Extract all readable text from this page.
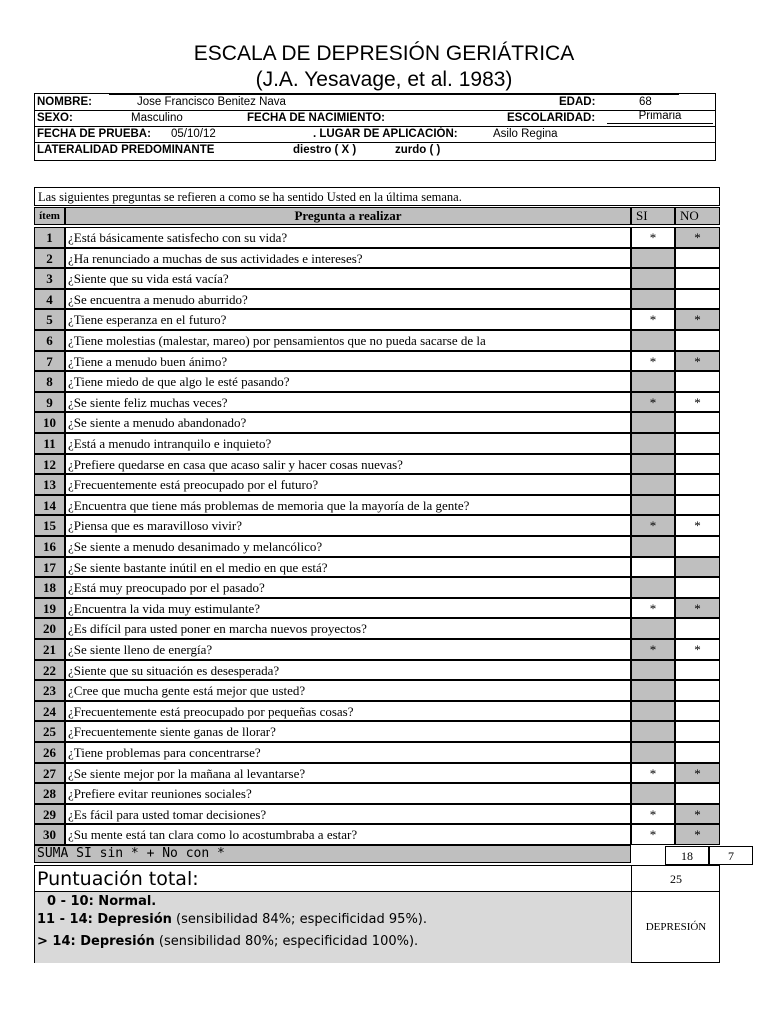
ESCALA DE DEPRESIÓN GERIÁTRICA
(J.A. Yesavage, et al. 1983)
NOMBRE:	Jose Francisco Benitez Nava	EDAD:	68
SEXO:	Masculino	FECHA DE NACIMIENTO:	ESCOLARIDAD:	Primaria
FECHA DE PRUEBA: 05/10/12	. LUGAR DE APLICACIÓN:	Asilo Regina
LATERALIDAD PREDOMINANTE	diestro ( X )	zurdo ( )
Las siguientes preguntas se refieren a como se ha sentido Usted en la última semana.
ítem	Pregunta a realizar	SI	NO
1	¿Está básicamente satisfecho con su vida?	*	*
2	¿Ha renunciado a muchas de sus actividades e intereses?
3	¿Siente que su vida está vacía?
4	¿Se encuentra a menudo aburrido?
5	¿Tiene esperanza en el futuro?	*	*
6	¿Tiene molestias (malestar, mareo) por pensamientos que no pueda sacarse de la
7	¿Tiene a menudo buen ánimo?	*	*
8	¿Tiene miedo de que algo le esté pasando?
9	¿Se siente feliz muchas veces?	*	*
10 ¿Se siente a menudo abandonado?
11 ¿Está a menudo intranquilo e inquieto?
12 ¿Prefiere quedarse en casa que acaso salir y hacer cosas nuevas?
13 ¿Frecuentemente está preocupado por el futuro?
14 ¿Encuentra que tiene más problemas de memoria que la mayoría de la gente?
15 ¿Piensa que es maravilloso vivir?	*	*
16 ¿Se siente a menudo desanimado y melancólico?
17 ¿Se siente bastante inútil en el medio en que está?
18 ¿Está muy preocupado por el pasado?
19 ¿Encuentra la vida muy estimulante?	*	*
20 ¿Es difícil para usted poner en marcha nuevos proyectos?
21 ¿Se siente lleno de energía?	*	*
22 ¿Siente que su situación es desesperada?
23 ¿Cree que mucha gente está mejor que usted?
24 ¿Frecuentemente está preocupado por pequeñas cosas?
25 ¿Frecuentemente siente ganas de llorar?
26 ¿Tiene problemas para concentrarse?
27 ¿Se siente mejor por la mañana al levantarse?	*	*
28 ¿Prefiere evitar reuniones sociales?
29 ¿Es fácil para usted tomar decisiones?	*	*
30 ¿Su mente está tan clara como lo acostumbraba a estar?	*	*
SUMA SI sin * + No con *	18	7
Puntuación total:
0 - 10: Normal.
11 - 14: Depresión (sensibilidad 84%; especificidad 95%).
> 14: Depresión (sensibilidad 80%; especificidad 100%).
25
DEPRESIÓN
